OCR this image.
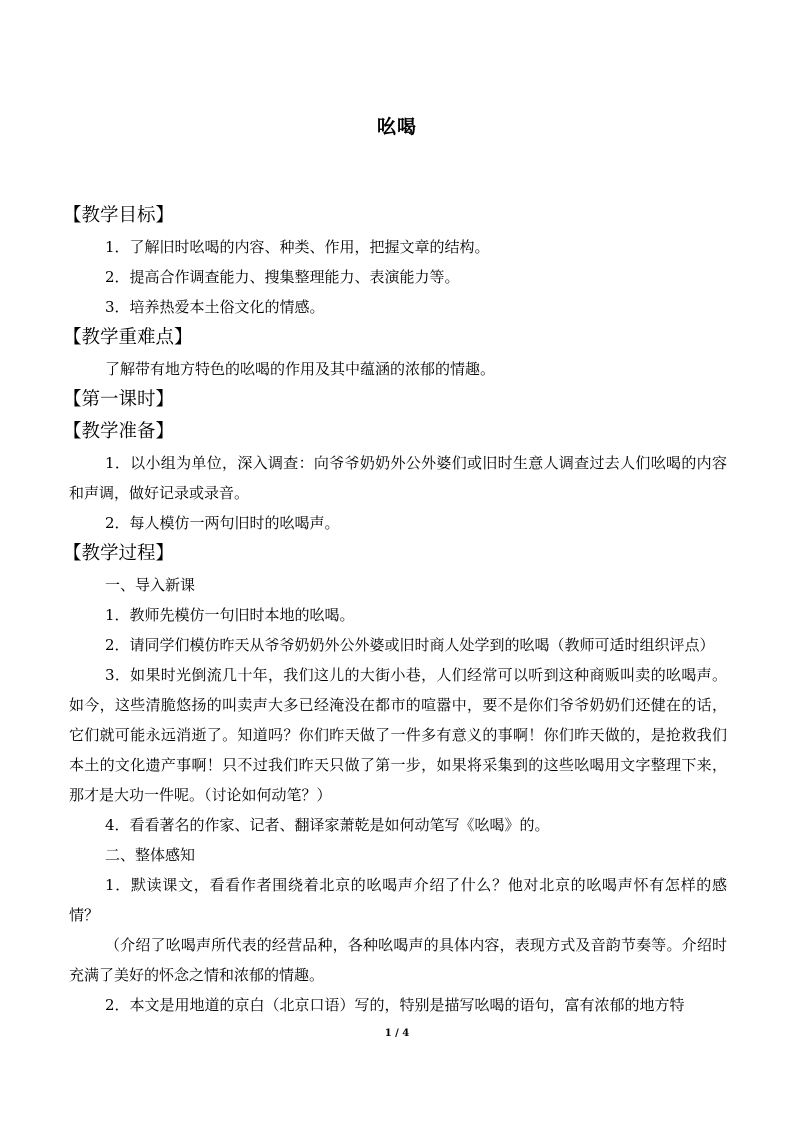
吆喝
【教学目标】

1．了解旧时吆喝的内容、种类、作用，把握文章的结构。

2．提高合作调查能力、搜集整理能力、表演能力等。

3．培养热爱本土俗文化的情感。

【教学重难点】

了解带有地方特色的吆喝的作用及其中蕴涵的浓郁的情趣。

【第一课时】
【教学准备】

1．以小组为单位，深入调查：向爷爷奶奶外公外婆们或旧时生意人调查过去人们吆喝的内容和声调，做好记录或录音。

2．每人模仿一两句旧时的吆喝声。

【教学过程】

一、导入新课

1．教师先模仿一句旧时本地的吆喝。

2．请同学们模仿昨天从爷爷奶奶外公外婆或旧时商人处学到的吆喝（教师可适时组织评点）

3．如果时光倒流几十年，我们这儿的大街小巷，人们经常可以听到这种商贩叫卖的吆喝声。如今，这些清脆悠扬的叫卖声大多已经淹没在都市的喧嚣中，要不是你们爷爷奶奶们还健在的话，它们就可能永远消逝了。知道吗？你们昨天做了一件多有意义的事啊！你们昨天做的，是抢救我们本土的文化遗产事啊！只不过我们昨天只做了第一步，如果将采集到的这些吆喝用文字整理下来，那才是大功一件呢。（讨论如何动笔？）

4．看看著名的作家、记者、翻译家萧乾是如何动笔写《吆喝》的。

二、整体感知

1．默读课文，看看作者围绕着北京的吆喝声介绍了什么？他对北京的吆喝声怀有怎样的感情？

（介绍了吆喝声所代表的经营品种，各种吆喝声的具体内容，表现方式及音韵节奏等。介绍时充满了美好的怀念之情和浓郁的情趣。

2．本文是用地道的京白（北京口语）写的，特别是描写吆喝的语句，富有浓郁的地方特

1 / 4
